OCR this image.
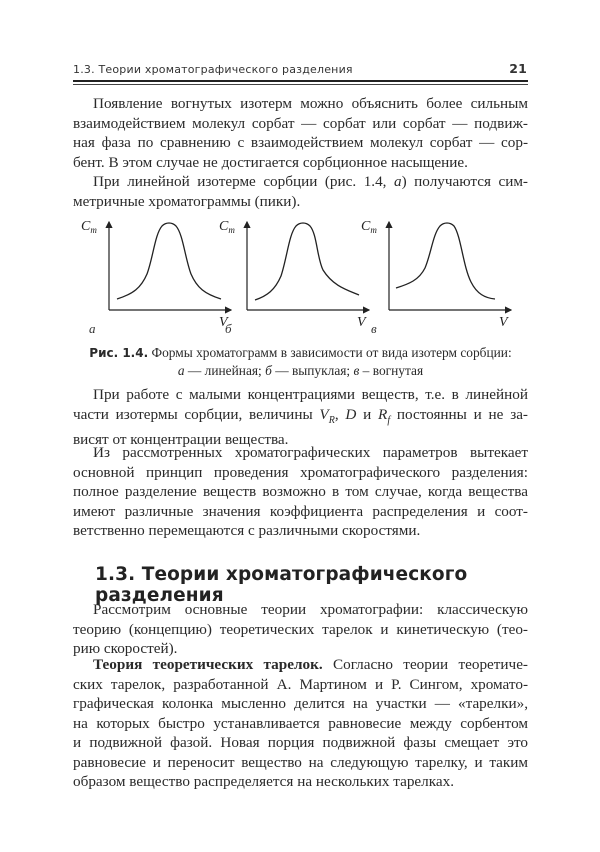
1.3. Теории хроматографического разделения	21
Появление вогнутых изотерм можно объяснить более сильным
взаимодействием молекул сорбат — сорбат или сорбат — подвиж-
ная фаза по сравнению с взаимодействием молекул сорбат — сор-
бент. В этом случае не достигается сорбционное насыщение.
При линейной изотерме сорбции (рис. 1.4, а) получаются сим-
метричные хроматограммы (пики).
$C_m$
V
а
$C_m$
V
б
$C_m$
V
в
Рис. 1.4. Формы хроматограмм в зависимости от вида изотерм сорбции:
а — линейная; б — выпуклая; в – вогнутая
При работе с малыми концентрациями веществ, т.е. в линейной
части изотермы сорбции, величины $V_R$, D и $R_f$ постоянны и не за-
висят от концентрации вещества.
Из рассмотренных хроматографических параметров вытекает
основной принцип проведения хроматографического разделения:
полное разделение веществ возможно в том случае, когда вещества
имеют различные значения коэффициента распределения и соот-
ветственно перемещаются с различными скоростями.
1.3. Теории хроматографического разделения
Рассмотрим основные теории хроматографии: классическую
теорию (концепцию) теоретических тарелок и кинетическую (тео-
рию скоростей).
Теория теоретических тарелок. Согласно теории теоретиче-
ских тарелок, разработанной А. Мартином и Р. Сингом, хромато-
графическая колонка мысленно делится на участки — «тарелки»,
на которых быстро устанавливается равновесие между сорбентом
и подвижной фазой. Новая порция подвижной фазы смещает это
равновесие и переносит вещество на следующую тарелку, и таким
образом вещество распределяется на нескольких тарелках.
